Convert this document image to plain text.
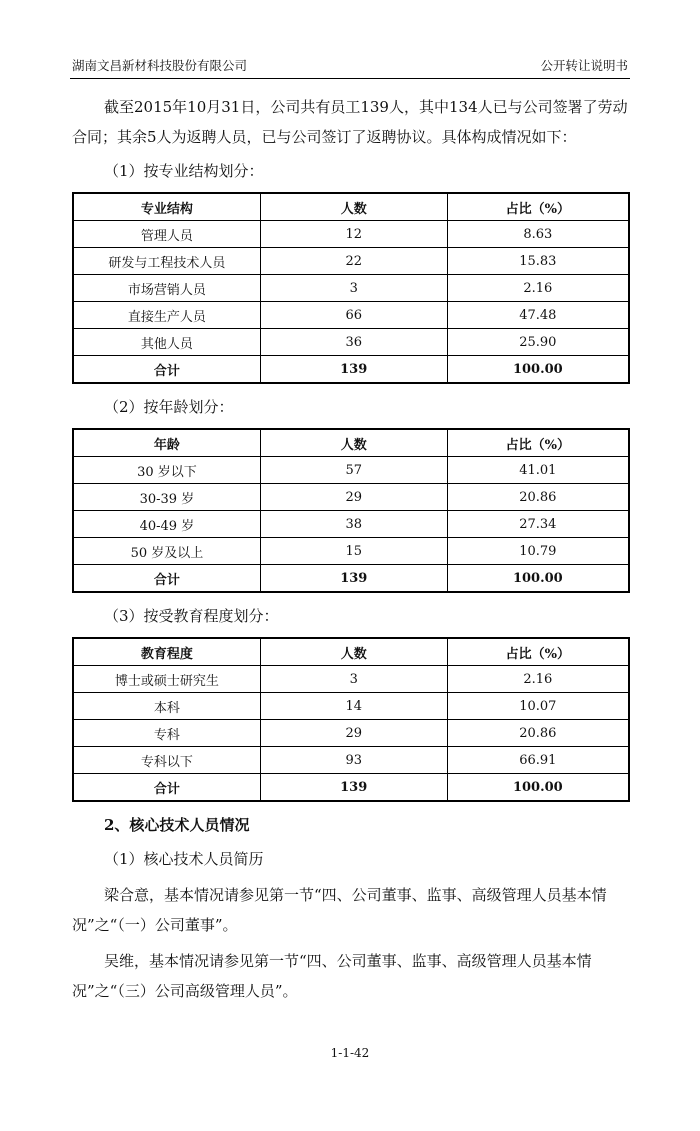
湖南文昌新材科技股份有限公司	公开转让说明书

截至2015年10月31日，公司共有员工139人，其中134人已与公司签署了劳动合同；其余5人为返聘人员，已与公司签订了返聘协议。具体构成情况如下：

（1）按专业结构划分：

专业结构	人数	占比（%）
管理人员	12	8.63
研发与工程技术人员	22	15.83
市场营销人员	3	2.16
直接生产人员	66	47.48
其他人员	36	25.90
合计	139	100.00

（2）按年龄划分：

年龄	人数	占比（%）
30 岁以下	57	41.01
30-39 岁	29	20.86
40-49 岁	38	27.34
50 岁及以上	15	10.79
合计	139	100.00

（3）按受教育程度划分：

教育程度	人数	占比（%）
博士或硕士研究生	3	2.16
本科	14	10.07
专科	29	20.86
专科以下	93	66.91
合计	139	100.00

2、核心技术人员情况

（1）核心技术人员简历

梁合意，基本情况请参见第一节“四、公司董事、监事、高级管理人员基本情况”之“（一）公司董事”。

吴维，基本情况请参见第一节“四、公司董事、监事、高级管理人员基本情况”之“（三）公司高级管理人员”。

1-1-42
